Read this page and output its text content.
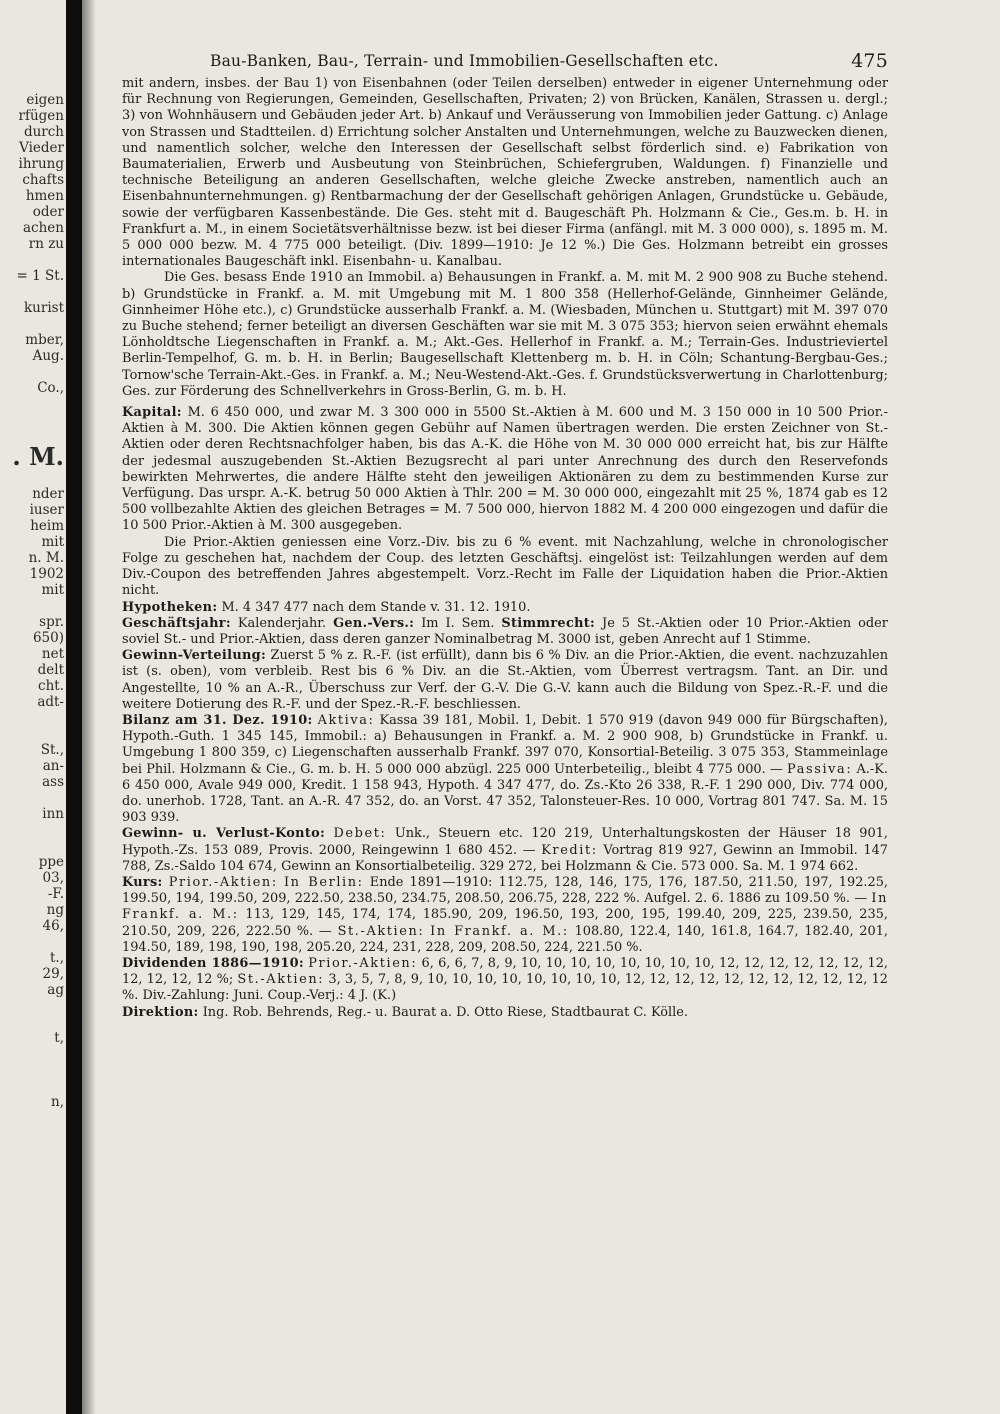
eigen
rfügen
durch
Vieder
ihrung
chafts
hmen
oder
achen
rn zu

= 1 St.

kurist

mber,
Aug.

Co.,

. M.

nder
iuser
heim
mit
n. M.
1902
mit

spr.
650)
net
delt
cht.
adt-

St.,
an-
ass

inn

ppe
03,
-F.
ng
46,

t.,
29,
ag

t,

n,
Bau-Banken, Bau-, Terrain- und Immobilien-Gesellschaften etc.	475

mit andern, insbes. der Bau 1) von Eisenbahnen (oder Teilen derselben) entweder in eigener Unternehmung oder für Rechnung von Regierungen, Gemeinden, Gesellschaften, Privaten; 2) von Brücken, Kanälen, Strassen u. dergl.; 3) von Wohnhäusern und Gebäuden jeder Art. b) Ankauf und Veräusserung von Immobilien jeder Gattung. c) Anlage von Strassen und Stadtteilen. d) Errichtung solcher Anstalten und Unternehmungen, welche zu Bauzwecken dienen, und namentlich solcher, welche den Interessen der Gesellschaft selbst förderlich sind. e) Fabrikation von Baumaterialien, Erwerb und Ausbeutung von Steinbrüchen, Schiefergruben, Waldungen. f) Finanzielle und technische Beteiligung an anderen Gesellschaften, welche gleiche Zwecke anstreben, namentlich auch an Eisenbahnunternehmungen. g) Rentbarmachung der der Gesellschaft gehörigen Anlagen, Grundstücke u. Gebäude, sowie der verfügbaren Kassenbestände. Die Ges. steht mit d. Baugeschäft Ph. Holzmann & Cie., Ges.m. b. H. in Frankfurt a. M., in einem Societätsverhältnisse bezw. ist bei dieser Firma (anfängl. mit M. 3 000 000), s. 1895 m. M. 5 000 000 bezw. M. 4 775 000 beteiligt. (Div. 1899—1910: Je 12 %.) Die Ges. Holzmann betreibt ein grosses internationales Baugeschäft inkl. Eisenbahn- u. Kanalbau.

Die Ges. besass Ende 1910 an Immobil. a) Behausungen in Frankf. a. M. mit M. 2 900 908 zu Buche stehend. b) Grundstücke in Frankf. a. M. mit Umgebung mit M. 1 800 358 (Hellerhof-Gelände, Ginnheimer Gelände, Ginnheimer Höhe etc.), c) Grundstücke ausserhalb Frankf. a. M. (Wiesbaden, München u. Stuttgart) mit M. 397 070 zu Buche stehend; ferner beteiligt an diversen Geschäften war sie mit M. 3 075 353; hiervon seien erwähnt ehemals Lönholdtsche Liegenschaften in Frankf. a. M.; Akt.-Ges. Hellerhof in Frankf. a. M.; Terrain-Ges. Industrieviertel Berlin-Tempelhof, G. m. b. H. in Berlin; Baugesellschaft Klettenberg m. b. H. in Cöln; Schantung-Bergbau-Ges.; Tornow'sche Terrain-Akt.-Ges. in Frankf. a. M.; Neu-Westend-Akt.-Ges. f. Grundstücksverwertung in Charlottenburg; Ges. zur Förderung des Schnellverkehrs in Gross-Berlin, G. m. b. H.

Kapital: M. 6 450 000, und zwar M. 3 300 000 in 5500 St.-Aktien à M. 600 und M. 3 150 000 in 10 500 Prior.-Aktien à M. 300. Die Aktien können gegen Gebühr auf Namen übertragen werden. Die ersten Zeichner von St.-Aktien oder deren Rechtsnachfolger haben, bis das A.-K. die Höhe von M. 30 000 000 erreicht hat, bis zur Hälfte der jedesmal auszugebenden St.-Aktien Bezugsrecht al pari unter Anrechnung des durch den Reservefonds bewirkten Mehrwertes, die andere Hälfte steht den jeweiligen Aktionären zu dem zu bestimmenden Kurse zur Verfügung. Das urspr. A.-K. betrug 50 000 Aktien à Thlr. 200 = M. 30 000 000, eingezahlt mit 25 %, 1874 gab es 12 500 vollbezahlte Aktien des gleichen Betrages = M. 7 500 000, hiervon 1882 M. 4 200 000 eingezogen und dafür die 10 500 Prior.-Aktien à M. 300 ausgegeben.

Die Prior.-Aktien geniessen eine Vorz.-Div. bis zu 6 % event. mit Nachzahlung, welche in chronologischer Folge zu geschehen hat, nachdem der Coup. des letzten Geschäftsj. eingelöst ist: Teilzahlungen werden auf dem Div.-Coupon des betreffenden Jahres abgestempelt. Vorz.-Recht im Falle der Liquidation haben die Prior.-Aktien nicht.

Hypotheken: M. 4 347 477 nach dem Stande v. 31. 12. 1910.

Geschäftsjahr: Kalenderjahr. Gen.-Vers.: Im I. Sem. Stimmrecht: Je 5 St.-Aktien oder 10 Prior.-Aktien oder soviel St.- und Prior.-Aktien, dass deren ganzer Nominalbetrag M. 3000 ist, geben Anrecht auf 1 Stimme.

Gewinn-Verteilung: Zuerst 5 % z. R.-F. (ist erfüllt), dann bis 6 % Div. an die Prior.-Aktien, die event. nachzuzahlen ist (s. oben), vom verbleib. Rest bis 6 % Div. an die St.-Aktien, vom Überrest vertragsm. Tant. an Dir. und Angestellte, 10 % an A.-R., Überschuss zur Verf. der G.-V. Die G.-V. kann auch die Bildung von Spez.-R.-F. und die weitere Dotierung des R.-F. und der Spez.-R.-F. beschliessen.

Bilanz am 31. Dez. 1910: Aktiva: Kassa 39 181, Mobil. 1, Debit. 1 570 919 (davon 949 000 für Bürgschaften), Hypoth.-Guth. 1 345 145, Immobil.: a) Behausungen in Frankf. a. M. 2 900 908, b) Grundstücke in Frankf. u. Umgebung 1 800 359, c) Liegenschaften ausserhalb Frankf. 397 070, Konsortial-Beteilig. 3 075 353, Stammeinlage bei Phil. Holzmann & Cie., G. m. b. H. 5 000 000 abzügl. 225 000 Unterbeteilig., bleibt 4 775 000. — Passiva: A.-K. 6 450 000, Avale 949 000, Kredit. 1 158 943, Hypoth. 4 347 477, do. Zs.-Kto 26 338, R.-F. 1 290 000, Div. 774 000, do. unerhob. 1728, Tant. an A.-R. 47 352, do. an Vorst. 47 352, Talonsteuer-Res. 10 000, Vortrag 801 747. Sa. M. 15 903 939.

Gewinn- u. Verlust-Konto: Debet: Unk., Steuern etc. 120 219, Unterhaltungskosten der Häuser 18 901, Hypoth.-Zs. 153 089, Provis. 2000, Reingewinn 1 680 452. — Kredit: Vortrag 819 927, Gewinn an Immobil. 147 788, Zs.-Saldo 104 674, Gewinn an Konsortialbeteilig. 329 272, bei Holzmann & Cie. 573 000. Sa. M. 1 974 662.

Kurs: Prior.-Aktien: In Berlin: Ende 1891—1910: 112.75, 128, 146, 175, 176, 187.50, 211.50, 197, 192.25, 199.50, 194, 199.50, 209, 222.50, 238.50, 234.75, 208.50, 206.75, 228, 222 %. Aufgel. 2. 6. 1886 zu 109.50 %. — In Frankf. a. M.: 113, 129, 145, 174, 174, 185.90, 209, 196.50, 193, 200, 195, 199.40, 209, 225, 239.50, 235, 210.50, 209, 226, 222.50 %. — St.-Aktien: In Frankf. a. M.: 108.80, 122.4, 140, 161.8, 164.7, 182.40, 201, 194.50, 189, 198, 190, 198, 205.20, 224, 231, 228, 209, 208.50, 224, 221.50 %.

Dividenden 1886—1910: Prior.-Aktien: 6, 6, 6, 7, 8, 9, 10, 10, 10, 10, 10, 10, 10, 10, 12, 12, 12, 12, 12, 12, 12, 12, 12, 12, 12 %; St.-Aktien: 3, 3, 5, 7, 8, 9, 10, 10, 10, 10, 10, 10, 10, 10, 12, 12, 12, 12, 12, 12, 12, 12, 12, 12, 12 %. Div.-Zahlung: Juni. Coup.-Verj.: 4 J. (K.)

Direktion: Ing. Rob. Behrends, Reg.- u. Baurat a. D. Otto Riese, Stadtbaurat C. Kölle.
